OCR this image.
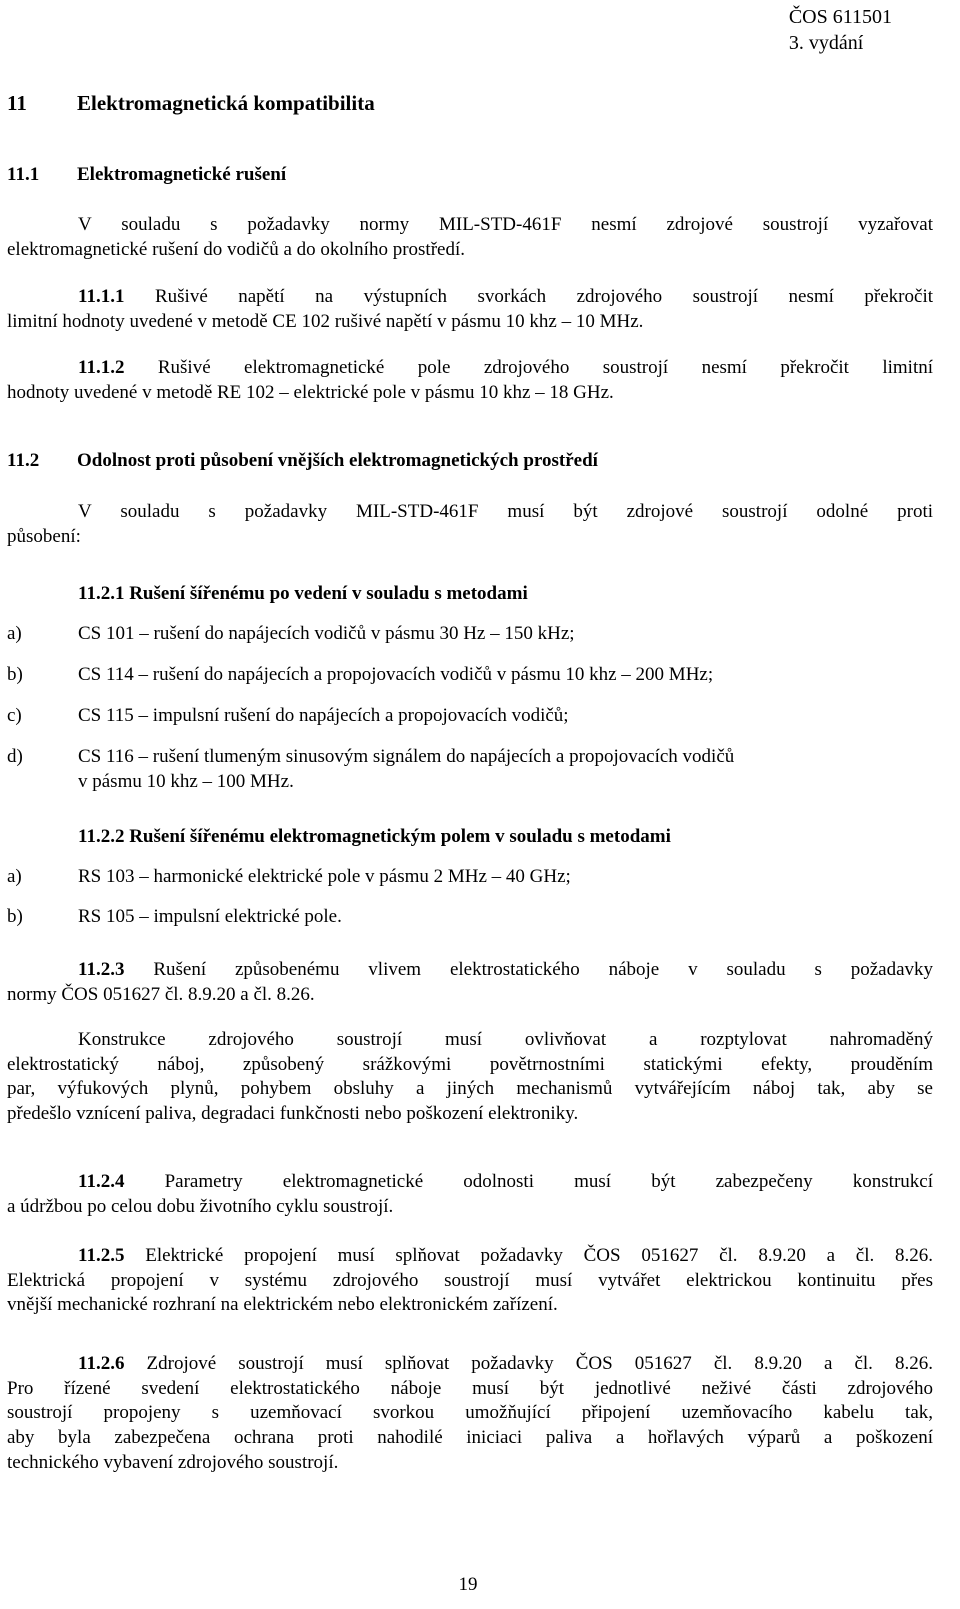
ČOS 611501
3. vydání
11 Elektromagnetická kompatibilita
11.1 Elektromagnetické rušení
V souladu s požadavky normy MIL-STD-461F nesmí zdrojové soustrojí vyzařovat
elektromagnetické rušení do vodičů a do okolního prostředí.
11.1.1 Rušivé napětí na výstupních svorkách zdrojového soustrojí nesmí překročit
limitní hodnoty uvedené v metodě CE 102 rušivé napětí v pásmu 10 khz – 10 MHz.
11.1.2 Rušivé elektromagnetické pole zdrojového soustrojí nesmí překročit limitní
hodnoty uvedené v metodě RE 102 – elektrické pole v pásmu 10 khz – 18 GHz.
11.2 Odolnost proti působení vnějších elektromagnetických prostředí
V souladu s požadavky MIL-STD-461F musí být zdrojové soustrojí odolné proti
působení:
11.2.1 Rušení šířenému po vedení v souladu s metodami
a)	CS 101 – rušení do napájecích vodičů v pásmu 30 Hz – 150 kHz;
b)	CS 114 – rušení do napájecích a propojovacích vodičů v pásmu 10 khz – 200 MHz;
c)	CS 115 – impulsní rušení do napájecích a propojovacích vodičů;
d)	CS 116 – rušení tlumeným sinusovým signálem do napájecích a propojovacích vodičů
v pásmu 10 khz – 100 MHz.
11.2.2 Rušení šířenému elektromagnetickým polem v souladu s metodami
a)	RS 103 – harmonické elektrické pole v pásmu 2 MHz – 40 GHz;
b)	RS 105 – impulsní elektrické pole.
11.2.3 Rušení způsobenému vlivem elektrostatického náboje v souladu s požadavky
normy ČOS 051627 čl. 8.9.20 a čl. 8.26.
Konstrukce zdrojového soustrojí musí ovlivňovat a rozptylovat nahromaděný
elektrostatický náboj, způsobený srážkovými povětrnostními statickými efekty, prouděním
par, výfukových plynů, pohybem obsluhy a jiných mechanismů vytvářejícím náboj tak, aby se
předešlo vznícení paliva, degradaci funkčnosti nebo poškození elektroniky.
11.2.4 Parametry elektromagnetické odolnosti musí být zabezpečeny konstrukcí
a údržbou po celou dobu životního cyklu soustrojí.
11.2.5 Elektrické propojení musí splňovat požadavky ČOS 051627 čl. 8.9.20 a čl. 8.26.
Elektrická propojení v systému zdrojového soustrojí musí vytvářet elektrickou kontinuitu přes
vnější mechanické rozhraní na elektrickém nebo elektronickém zařízení.
11.2.6 Zdrojové soustrojí musí splňovat požadavky ČOS 051627 čl. 8.9.20 a čl. 8.26.
Pro řízené svedení elektrostatického náboje musí být jednotlivé neživé části zdrojového
soustrojí propojeny s uzemňovací svorkou umožňující připojení uzemňovacího kabelu tak,
aby byla zabezpečena ochrana proti nahodilé iniciaci paliva a hořlavých výparů a poškození
technického vybavení zdrojového soustrojí.
19
